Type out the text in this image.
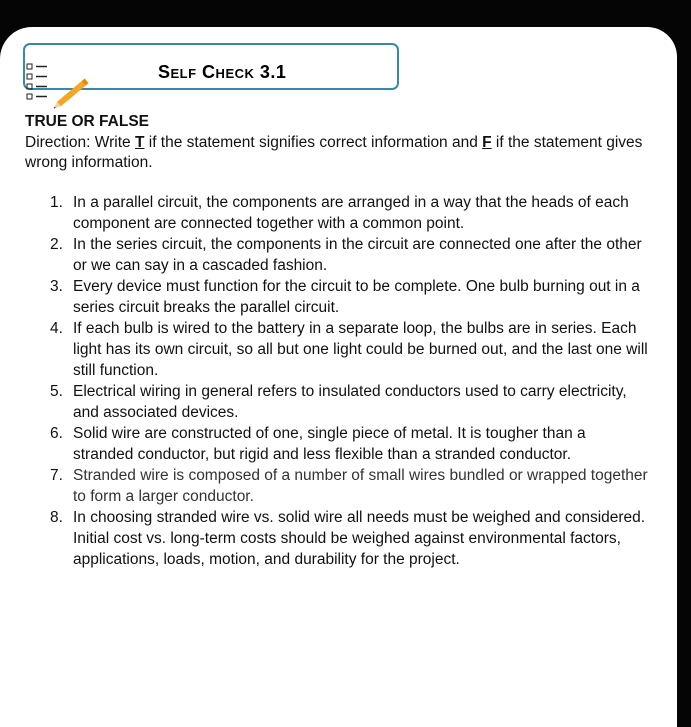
Self Check 3.1
TRUE OR FALSE
Direction: Write T if the statement signifies correct information and F if the statement gives wrong information.
1. In a parallel circuit, the components are arranged in a way that the heads of each component are connected together with a common point.
2. In the series circuit, the components in the circuit are connected one after the other or we can say in a cascaded fashion.
3. Every device must function for the circuit to be complete. One bulb burning out in a series circuit breaks the parallel circuit.
4. If each bulb is wired to the battery in a separate loop, the bulbs are in series. Each light has its own circuit, so all but one light could be burned out, and the last one will still function.
5. Electrical wiring in general refers to insulated conductors used to carry electricity, and associated devices.
6. Solid wire are constructed of one, single piece of metal. It is tougher than a stranded conductor, but rigid and less flexible than a stranded conductor.
7. Stranded wire is composed of a number of small wires bundled or wrapped together to form a larger conductor.
8. In choosing stranded wire vs. solid wire all needs must be weighed and considered. Initial cost vs. long-term costs should be weighed against environmental factors, applications, loads, motion, and durability for the project.
